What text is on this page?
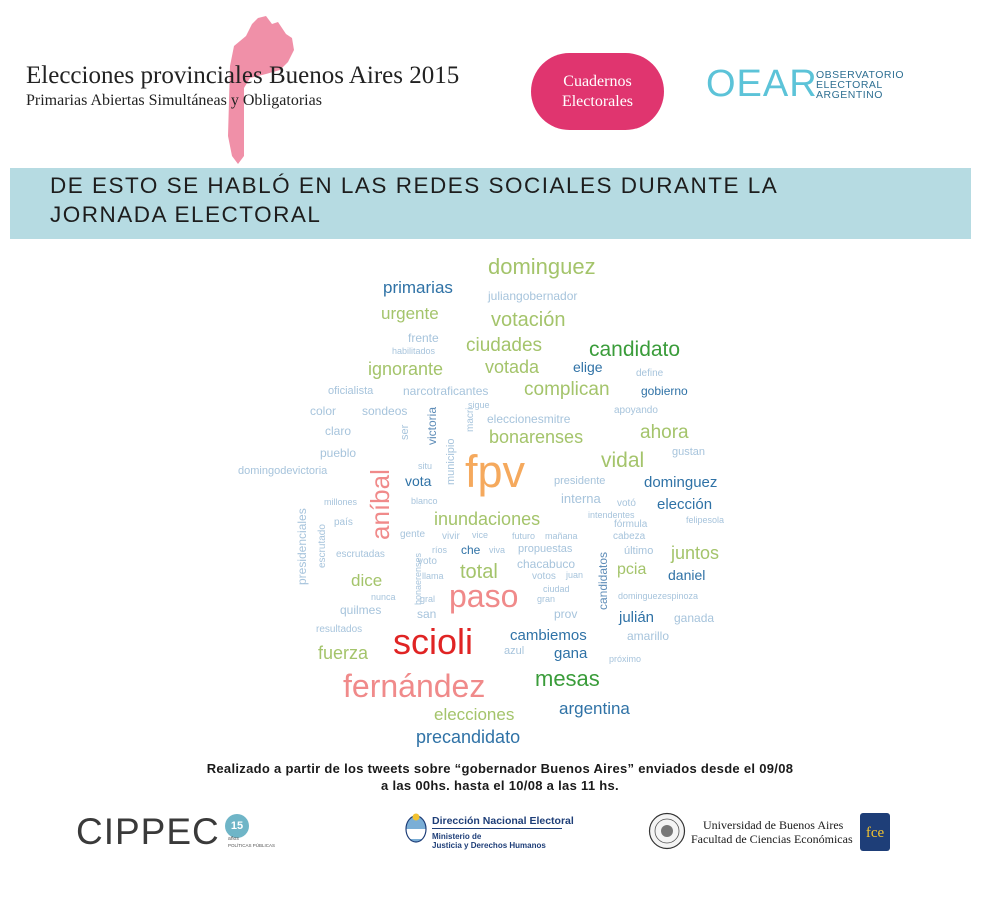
Elecciones provinciales Buenos Aires 2015
Primarias Abiertas Simultáneas y Obligatorias
Cuadernos
Electorales	OEAR
OBSERVATORIO
ELECTORAL
ARGENTINO
DE ESTO SE HABLÓ EN LAS REDES SOCIALES DURANTE LA
JORNADA ELECTORAL
dominguez
primarias	juliangobernador
urgente	votación
frente ciudades candidato
habilitados
ignorante votada elige	define
oficialista narcotraficantes complican	gobierno
sigue
color sondeos victoria	eleccionesmitre
apoyando
ser
macri
bonarenses	ahora
claro
municipio
pueblo	gustan
vidal
domingodevictoria aníbal fpv
situ
presidente
vota	dominguez
blanco	votó
millones	interna	elección
intendentes	felipesola
inundaciones
presidenciales	país	fórmula
escrutado	gente vivir vice	futuro mañana	cabeza
che viva propuestas
candidatos
último juntos
escrutadas	ríos
voto	chacabuco	pcia daniel
dice	total
llama	votos juan
bonaerenses	ciudad
nunca	gran	dominguezespinoza
gral
quilmes paso
san	prov	julián ganada
resultados	cambiemos	amarillo
scioli
fuerza	azul gana próximo
fernández mesas
elecciones	argentina
precandidato
Realizado a partir de los tweets sobre “gobernador Buenos Aires” enviados desde el 09/08
a las 00hs. hasta el 10/08 a las 11 hs.
CIPPEC	15
años
POLÍTICAS PÚBLICAS
Dirección Nacional Electoral
Ministerio de
Justicia y Derechos Humanos
Universidad de Buenos Aires
Facultad de Ciencias Económicas fce
